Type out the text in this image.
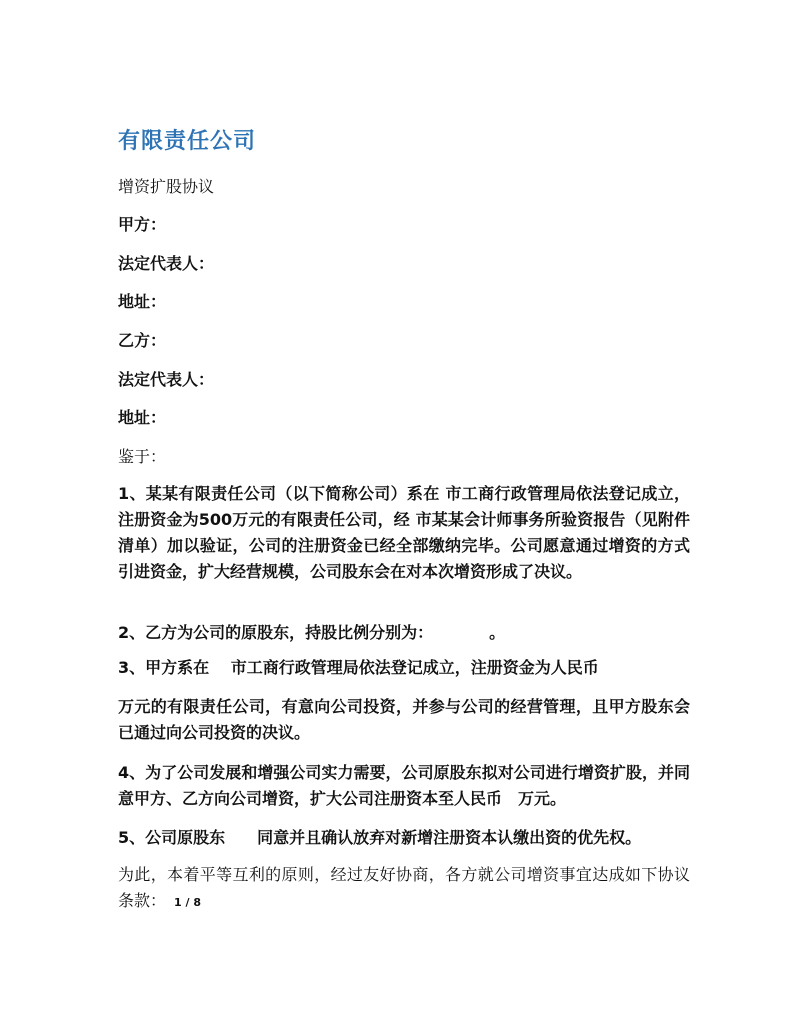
有限责任公司
增资扩股协议
甲方：
法定代表人：
地址：
乙方：
法定代表人：
地址：
鉴于：

1、某某有限责任公司（以下简称公司）系在 市工商行政管理局依法登记成立，注册资金为500万元的有限责任公司，经 市某某会计师事务所验资报告（见附件清单）加以验证，公司的注册资金已经全部缴纳完毕。公司愿意通过增资的方式引进资金，扩大经营规模，公司股东会在对本次增资形成了决议。

2、乙方为公司的原股东，持股比例分别为：　　　　。

3、甲方系在　 市工商行政管理局依法登记成立，注册资金为人民币

万元的有限责任公司，有意向公司投资，并参与公司的经营管理，且甲方股东会已通过向公司投资的决议。

4、为了公司发展和增强公司实力需要，公司原股东拟对公司进行增资扩股，并同意甲方、乙方向公司增资，扩大公司注册资本至人民币　万元。

5、公司原股东　　同意并且确认放弃对新增注册资本认缴出资的优先权。

为此，本着平等互利的原则，经过友好协商，各方就公司增资事宜达成如下协议条款： 1 / 8
